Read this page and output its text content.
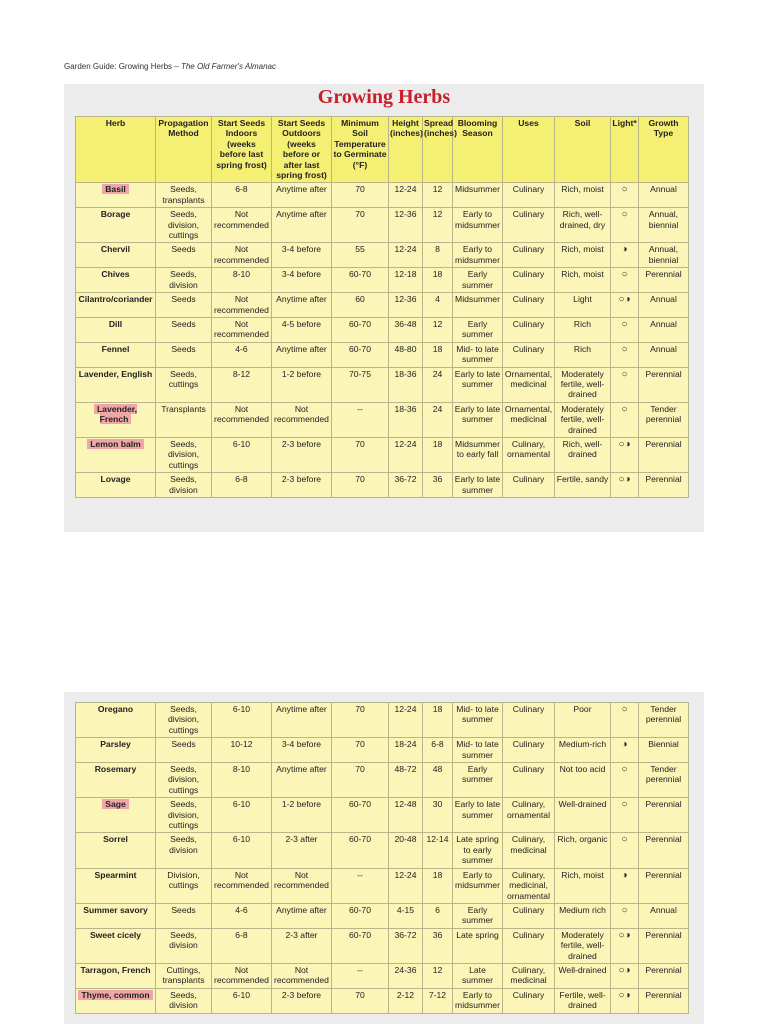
Garden Guide: Growing Herbs – The Old Farmer's Almanac
Growing Herbs
Herb	Propagation Method	Start Seeds Indoors (weeks before last spring frost)	Start Seeds Outdoors (weeks before or after last spring frost)	Minimum Soil Temperature to Germinate (°F)	Height (inches)	Spread (inches)	Blooming Season	Uses	Soil	Light*	Growth Type
Basil	Seeds, transplants	6-8	Anytime after	70	12-24	12	Midsummer	Culinary	Rich, moist	○	Annual
Borage	Seeds, division, cuttings	Not recommended	Anytime after	70	12-36	12	Early to midsummer	Culinary	Rich, well-drained, dry	○	Annual, biennial
Chervil	Seeds	Not recommended	3-4 before	55	12-24	8	Early to midsummer	Culinary	Rich, moist	◑	Annual, biennial
Chives	Seeds, division	8-10	3-4 before	60-70	12-18	18	Early summer	Culinary	Rich, moist	○	Perennial
Cilantro/coriander	Seeds	Not recommended	Anytime after	60	12-36	4	Midsummer	Culinary	Light	○◑	Annual
Dill	Seeds	Not recommended	4-5 before	60-70	36-48	12	Early summer	Culinary	Rich	○	Annual
Fennel	Seeds	4-6	Anytime after	60-70	48-80	18	Mid- to late summer	Culinary	Rich	○	Annual
Lavender, English	Seeds, cuttings	8-12	1-2 before	70-75	18-36	24	Early to late summer	Ornamental, medicinal	Moderately fertile, well-drained	○	Perennial
Lavender, French	Transplants	Not recommended	Not recommended	--	18-36	24	Early to late summer	Ornamental, medicinal	Moderately fertile, well-drained	○	Tender perennial
Lemon balm	Seeds, division, cuttings	6-10	2-3 before	70	12-24	18	Midsummer to early fall	Culinary, ornamental	Rich, well-drained	○◑	Perennial
Lovage	Seeds, division	6-8	2-3 before	70	36-72	36	Early to late summer	Culinary	Fertile, sandy	○◑	Perennial
Oregano	Seeds, division, cuttings	6-10	Anytime after	70	12-24	18	Mid- to late summer	Culinary	Poor	○	Tender perennial
Parsley	Seeds	10-12	3-4 before	70	18-24	6-8	Mid- to late summer	Culinary	Medium-rich	◑	Biennial
Rosemary	Seeds, division, cuttings	8-10	Anytime after	70	48-72	48	Early summer	Culinary	Not too acid	○	Tender perennial
Sage	Seeds, division, cuttings	6-10	1-2 before	60-70	12-48	30	Early to late summer	Culinary, ornamental	Well-drained	○	Perennial
Sorrel	Seeds, division	6-10	2-3 after	60-70	20-48	12-14	Late spring to early summer	Culinary, medicinal	Rich, organic	○	Perennial
Spearmint	Division, cuttings	Not recommended	Not recommended	--	12-24	18	Early to midsummer	Culinary, medicinal, ornamental	Rich, moist	◑	Perennial
Summer savory	Seeds	4-6	Anytime after	60-70	4-15	6	Early summer	Culinary	Medium rich	○	Annual
Sweet cicely	Seeds, division	6-8	2-3 after	60-70	36-72	36	Late spring	Culinary	Moderately fertile, well-drained	○◑	Perennial
Tarragon, French	Cuttings, transplants	Not recommended	Not recommended	--	24-36	12	Late summer	Culinary, medicinal	Well-drained	○◑	Perennial
Thyme, common	Seeds, division	6-10	2-3 before	70	2-12	7-12	Early to midsummer	Culinary	Fertile, well-drained	○◑	Perennial
